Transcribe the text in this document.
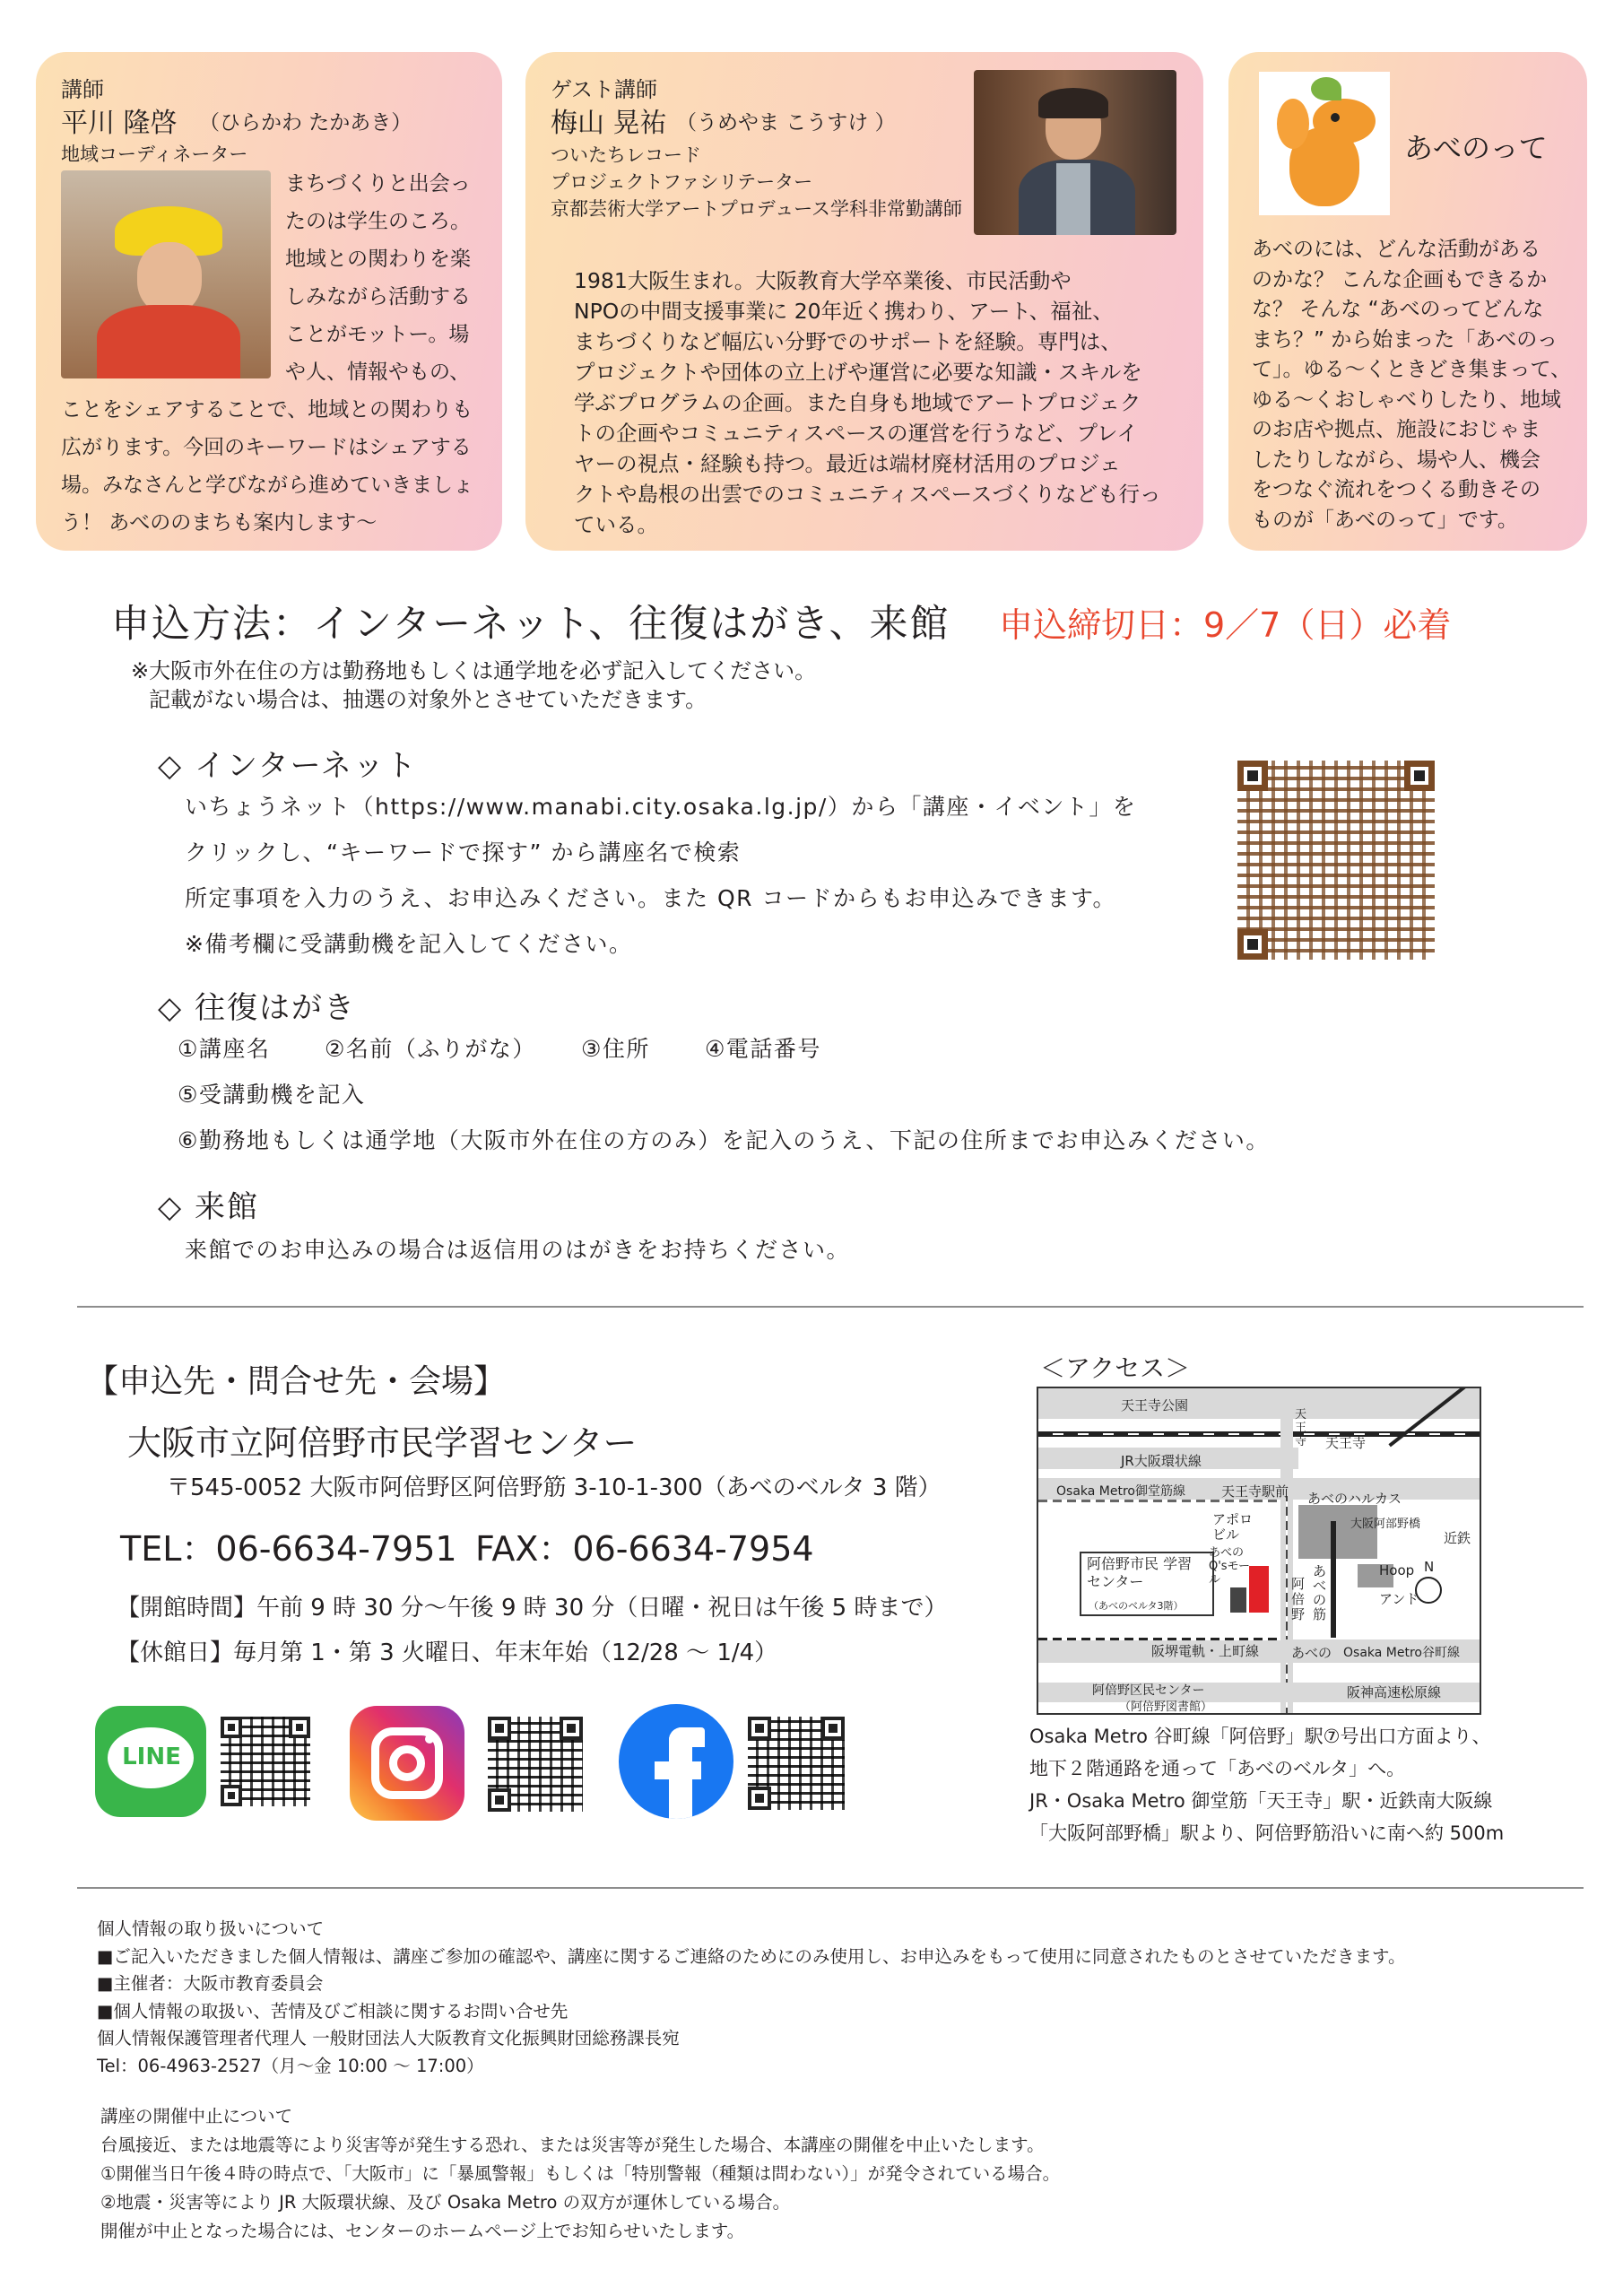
講師
平川 隆啓 （ひらかわ たかあき）
地域コーディネーター
まちづくりと出会っ
たのは学生のころ。
地域との関わりを楽
しみながら活動する
ことがモットー。場
や人、情報やもの、
ことをシェアすることで、地域との関わりも
広がります。今回のキーワードはシェアする
場。みなさんと学びながら進めていきましょ
う！ あべののまちも案内します～
ゲスト講師
梅山 晃祐 （うめやま こうすけ ）
ついたちレコード
プロジェクトファシリテーター
京都芸術大学アートプロデュース学科非常勤講師
1981大阪生まれ。大阪教育大学卒業後、市民活動や
NPOの中間支援事業に 20年近く携わり、アート、福祉、
まちづくりなど幅広い分野でのサポートを経験。専門は、
プロジェクトや団体の立上げや運営に必要な知識・スキルを
学ぶプログラムの企画。また自身も地域でアートプロジェク
トの企画やコミュニティスペースの運営を行うなど、プレイ
ヤーの視点・経験も持つ。最近は端材廃材活用のプロジェ
クトや島根の出雲でのコミュニティスペースづくりなども行っ
ている。
あべのって
あべのには、どんな活動がある
のかな？ こんな企画もできるか
な？ そんな “あべのってどんな
まち？” から始まった「あべのっ
て」。ゆる～くときどき集まって、
ゆる～くおしゃべりしたり、地域
のお店や拠点、施設におじゃま
したりしながら、場や人、機会
をつなぐ流れをつくる動きその
ものが「あべのって」です。
申込方法：インターネット、往復はがき、来館 申込締切日：9／7（日）必着
※大阪市外在住の方は勤務地もしくは通学地を必ず記入してください。
記載がない場合は、抽選の対象外とさせていただきます。
◇ インターネット
いちょうネット（https://www.manabi.city.osaka.lg.jp/）から「講座・イベント」を
クリックし、“キーワードで探す” から講座名で検索
所定事項を入力のうえ、お申込みください。また QR コードからもお申込みできます。
※備考欄に受講動機を記入してください。
◇ 往復はがき
①講座名 ②名前（ふりがな） ③住所 ④電話番号
⑤受講動機を記入
⑥勤務地もしくは通学地（大阪市外在住の方のみ）を記入のうえ、下記の住所までお申込みください。
◇ 来館
来館でのお申込みの場合は返信用のはがきをお持ちください。
【申込先・問合せ先・会場】
大阪市立阿倍野市民学習センター
〒545-0052 大阪市阿倍野区阿倍野筋 3-10-1-300（あべのベルタ 3 階）
TEL：06-6634-7951 FAX：06-6634-7954
【開館時間】午前 9 時 30 分～午後 9 時 30 分（日曜・祝日は午後 5 時まで）
【休館日】毎月第 1・第 3 火曜日、年末年始（12/28 ～ 1/4）
LINE
＜アクセス＞
天王寺公園
JR大阪環状線
Osaka Metro御堂筋線	天王寺駅前 あべのハルカス
大阪阿部野橋
近鉄
アポロ ビル
あべの Q'sモール
Hoop
アンド
阿倍野市民 学習センター
（あべのベルタ3階）
あべの筋
阿倍野
天王寺 天王寺
阪堺電軌・上町線 あべの Osaka Metro谷町線
阿倍野区民センター
（阿倍野図書館）
阪神高速松原線
N
Osaka Metro 谷町線「阿倍野」駅⑦号出口方面より、
地下２階通路を通って「あべのベルタ」へ。
JR・Osaka Metro 御堂筋「天王寺」駅・近鉄南大阪線
「大阪阿部野橋」駅より、阿倍野筋沿いに南へ約 500m
個人情報の取り扱いについて
■ご記入いただきました個人情報は、講座ご参加の確認や、講座に関するご連絡のためにのみ使用し、お申込みをもって使用に同意されたものとさせていただきます。
■主催者：大阪市教育委員会
■個人情報の取扱い、苦情及びご相談に関するお問い合せ先
個人情報保護管理者代理人 一般財団法人大阪教育文化振興財団総務課長宛
Tel：06-4963-2527（月～金 10:00 ～ 17:00）
講座の開催中止について
台風接近、または地震等により災害等が発生する恐れ、または災害等が発生した場合、本講座の開催を中止いたします。
①開催当日午後４時の時点で、「大阪市」に「暴風警報」もしくは「特別警報（種類は問わない）」が発令されている場合。
②地震・災害等により JR 大阪環状線、及び Osaka Metro の双方が運休している場合。
開催が中止となった場合には、センターのホームページ上でお知らせいたします。
